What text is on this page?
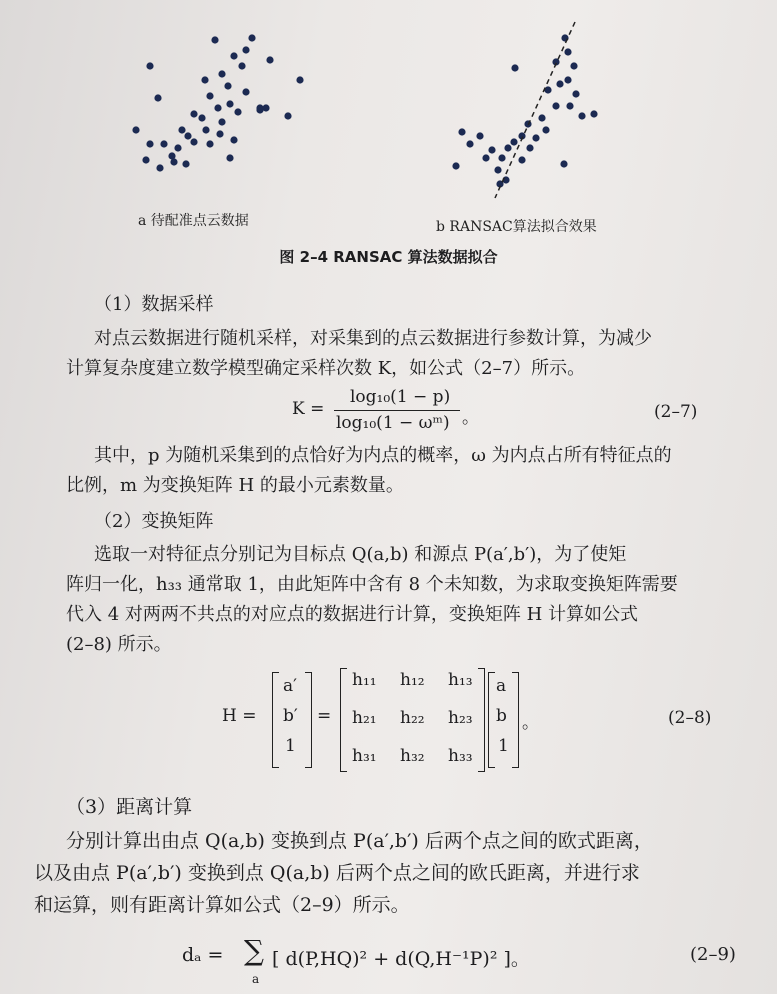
a 待配准点云数据	b RANSAC算法拟合效果
图 2–4 RANSAC 算法数据拟合
（1）数据采样
对点云数据进行随机采样，对采集到的点云数据进行参数计算，为减少
计算复杂度建立数学模型确定采样次数 K，如公式（2–7）所示。
K =
log₁₀(1 − p)
log₁₀(1 − ωᵐ) 。	(2–7)
其中，p 为随机采集到的点恰好为内点的概率，ω 为内点占所有特征点的
比例，m 为变换矩阵 H 的最小元素数量。
（2）变换矩阵
选取一对特征点分别记为目标点 Q(a,b) 和源点 P(a′,b′)，为了使矩
阵归一化，h₃₃ 通常取 1，由此矩阵中含有 8 个未知数，为求取变换矩阵需要
代入 4 对两两不共点的对应点的数据进行计算，变换矩阵 H 计算如公式
(2–8) 所示。
H =
a′
b′
1
=
h₁₁ h₁₂ h₁₃
h₂₁ h₂₂ h₂₃
h₃₁ h₃₂ h₃₃
a
b
1
。	(2–8)
（3）距离计算
分别计算出由点 Q(a,b) 变换到点 P(a′,b′) 后两个点之间的欧式距离，
以及由点 P(a′,b′) 变换到点 Q(a,b) 后两个点之间的欧氏距离，并进行求
和运算，则有距离计算如公式（2–9）所示。
dₐ = ∑
a
[ d(P,HQ)² + d(Q,H⁻¹P)² ]。	(2–9)
